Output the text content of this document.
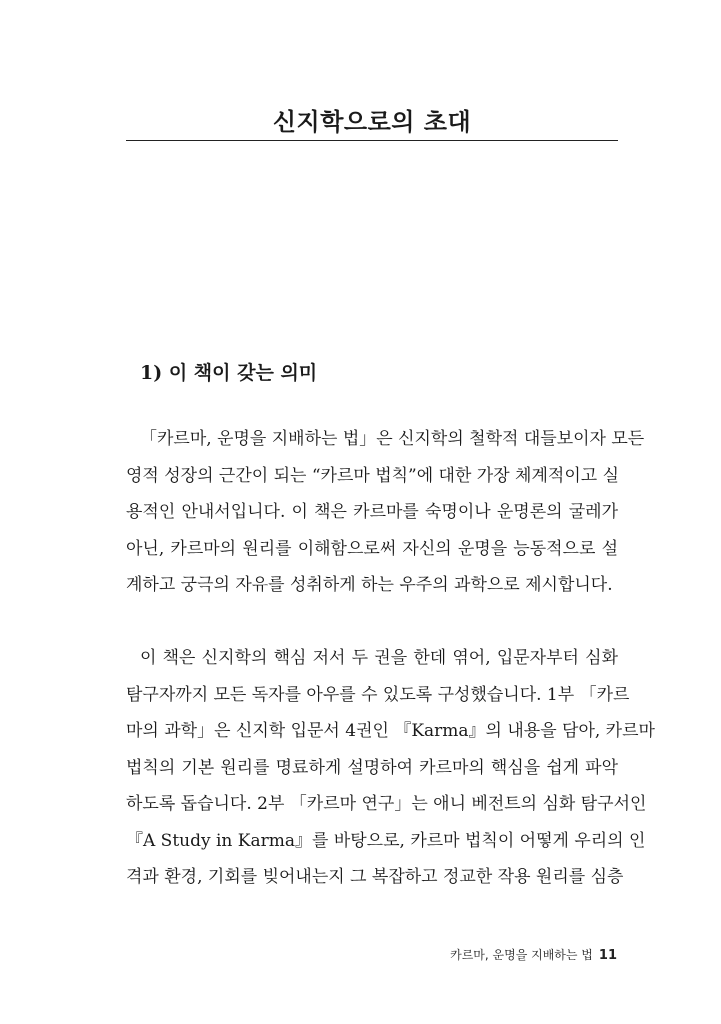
신지학으로의 초대
1) 이 책이 갖는 의미
「카르마, 운명을 지배하는 법」은 신지학의 철학적 대들보이자 모든
영적 성장의 근간이 되는 “카르마 법칙”에 대한 가장 체계적이고 실
용적인 안내서입니다. 이 책은 카르마를 숙명이나 운명론의 굴레가
아닌, 카르마의 원리를 이해함으로써 자신의 운명을 능동적으로 설
계하고 궁극의 자유를 성취하게 하는 우주의 과학으로 제시합니다.
이 책은 신지학의 핵심 저서 두 권을 한데 엮어, 입문자부터 심화
탐구자까지 모든 독자를 아우를 수 있도록 구성했습니다. 1부 「카르
마의 과학」은 신지학 입문서 4권인 『Karma』의 내용을 담아, 카르마
법칙의 기본 원리를 명료하게 설명하여 카르마의 핵심을 쉽게 파악
하도록 돕습니다. 2부 「카르마 연구」는 애니 베전트의 심화 탐구서인
『A Study in Karma』를 바탕으로, 카르마 법칙이 어떻게 우리의 인
격과 환경, 기회를 빚어내는지 그 복잡하고 정교한 작용 원리를 심층
카르마, 운명을 지배하는 법 11
